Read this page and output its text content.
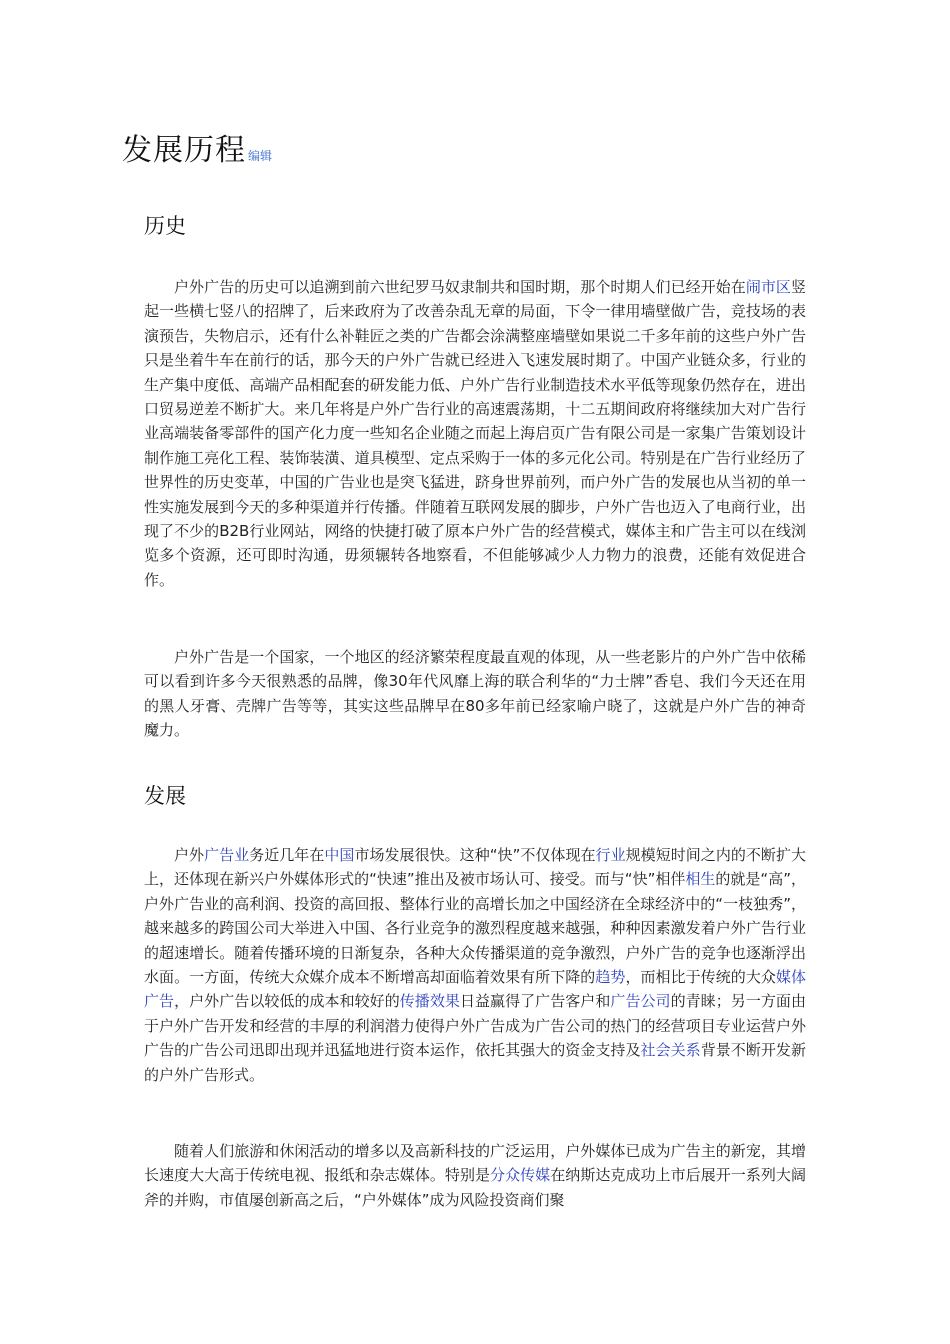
发展历程 编辑
历史

户外广告的历史可以追溯到前六世纪罗马奴隶制共和国时期，那个时期人们已经开始在闹市区竖起一些横七竖八的招牌了，后来政府为了改善杂乱无章的局面，下令一律用墙壁做广告，竞技场的表演预告，失物启示，还有什么补鞋匠之类的广告都会涂满整座墙壁如果说二千多年前的这些户外广告只是坐着牛车在前行的话，那今天的户外广告就已经进入飞速发展时期了。中国产业链众多，行业的生产集中度低、高端产品相配套的研发能力低、户外广告行业制造技术水平低等现象仍然存在，进出口贸易逆差不断扩大。来几年将是户外广告行业的高速震荡期，十二五期间政府将继续加大对广告行业高端装备零部件的国产化力度一些知名企业随之而起上海启页广告有限公司是一家集广告策划设计制作施工亮化工程、装饰装潢、道具模型、定点采购于一体的多元化公司。特别是在广告行业经历了世界性的历史变革，中国的广告业也是突飞猛进，跻身世界前列，而户外广告的发展也从当初的单一性实施发展到今天的多种渠道并行传播。伴随着互联网发展的脚步，户外广告也迈入了电商行业，出现了不少的B2B行业网站，网络的快捷打破了原本户外广告的经营模式，媒体主和广告主可以在线浏览多个资源，还可即时沟通，毋须辗转各地察看，不但能够减少人力物力的浪费，还能有效促进合作。

户外广告是一个国家，一个地区的经济繁荣程度最直观的体现，从一些老影片的户外广告中依稀可以看到许多今天很熟悉的品牌，像30年代风靡上海的联合利华的“力士牌”香皂、我们今天还在用的黑人牙膏、壳牌广告等等，其实这些品牌早在80多年前已经家喻户晓了，这就是户外广告的神奇魔力。

发展

户外广告业务近几年在中国市场发展很快。这种“快”不仅体现在行业规模短时间之内的不断扩大上，还体现在新兴户外媒体形式的“快速”推出及被市场认可、接受。而与“快”相伴相生的就是“高”，户外广告业的高利润、投资的高回报、整体行业的高增长加之中国经济在全球经济中的“一枝独秀”，越来越多的跨国公司大举进入中国、各行业竞争的激烈程度越来越强，种种因素激发着户外广告行业的超速增长。随着传播环境的日渐复杂，各种大众传播渠道的竞争激烈，户外广告的竞争也逐渐浮出水面。一方面，传统大众媒介成本不断增高却面临着效果有所下降的趋势，而相比于传统的大众媒体广告，户外广告以较低的成本和较好的传播效果日益赢得了广告客户和广告公司的青睐；另一方面由于户外广告开发和经营的丰厚的利润潜力使得户外广告成为广告公司的热门的经营项目专业运营户外广告的广告公司迅即出现并迅猛地进行资本运作，依托其强大的资金支持及社会关系背景不断开发新的户外广告形式。

随着人们旅游和休闲活动的增多以及高新科技的广泛运用，户外媒体已成为广告主的新宠，其增长速度大大高于传统电视、报纸和杂志媒体。特别是分众传媒在纳斯达克成功上市后展开一系列大阔斧的并购，市值屡创新高之后，“户外媒体”成为风险投资商们聚
